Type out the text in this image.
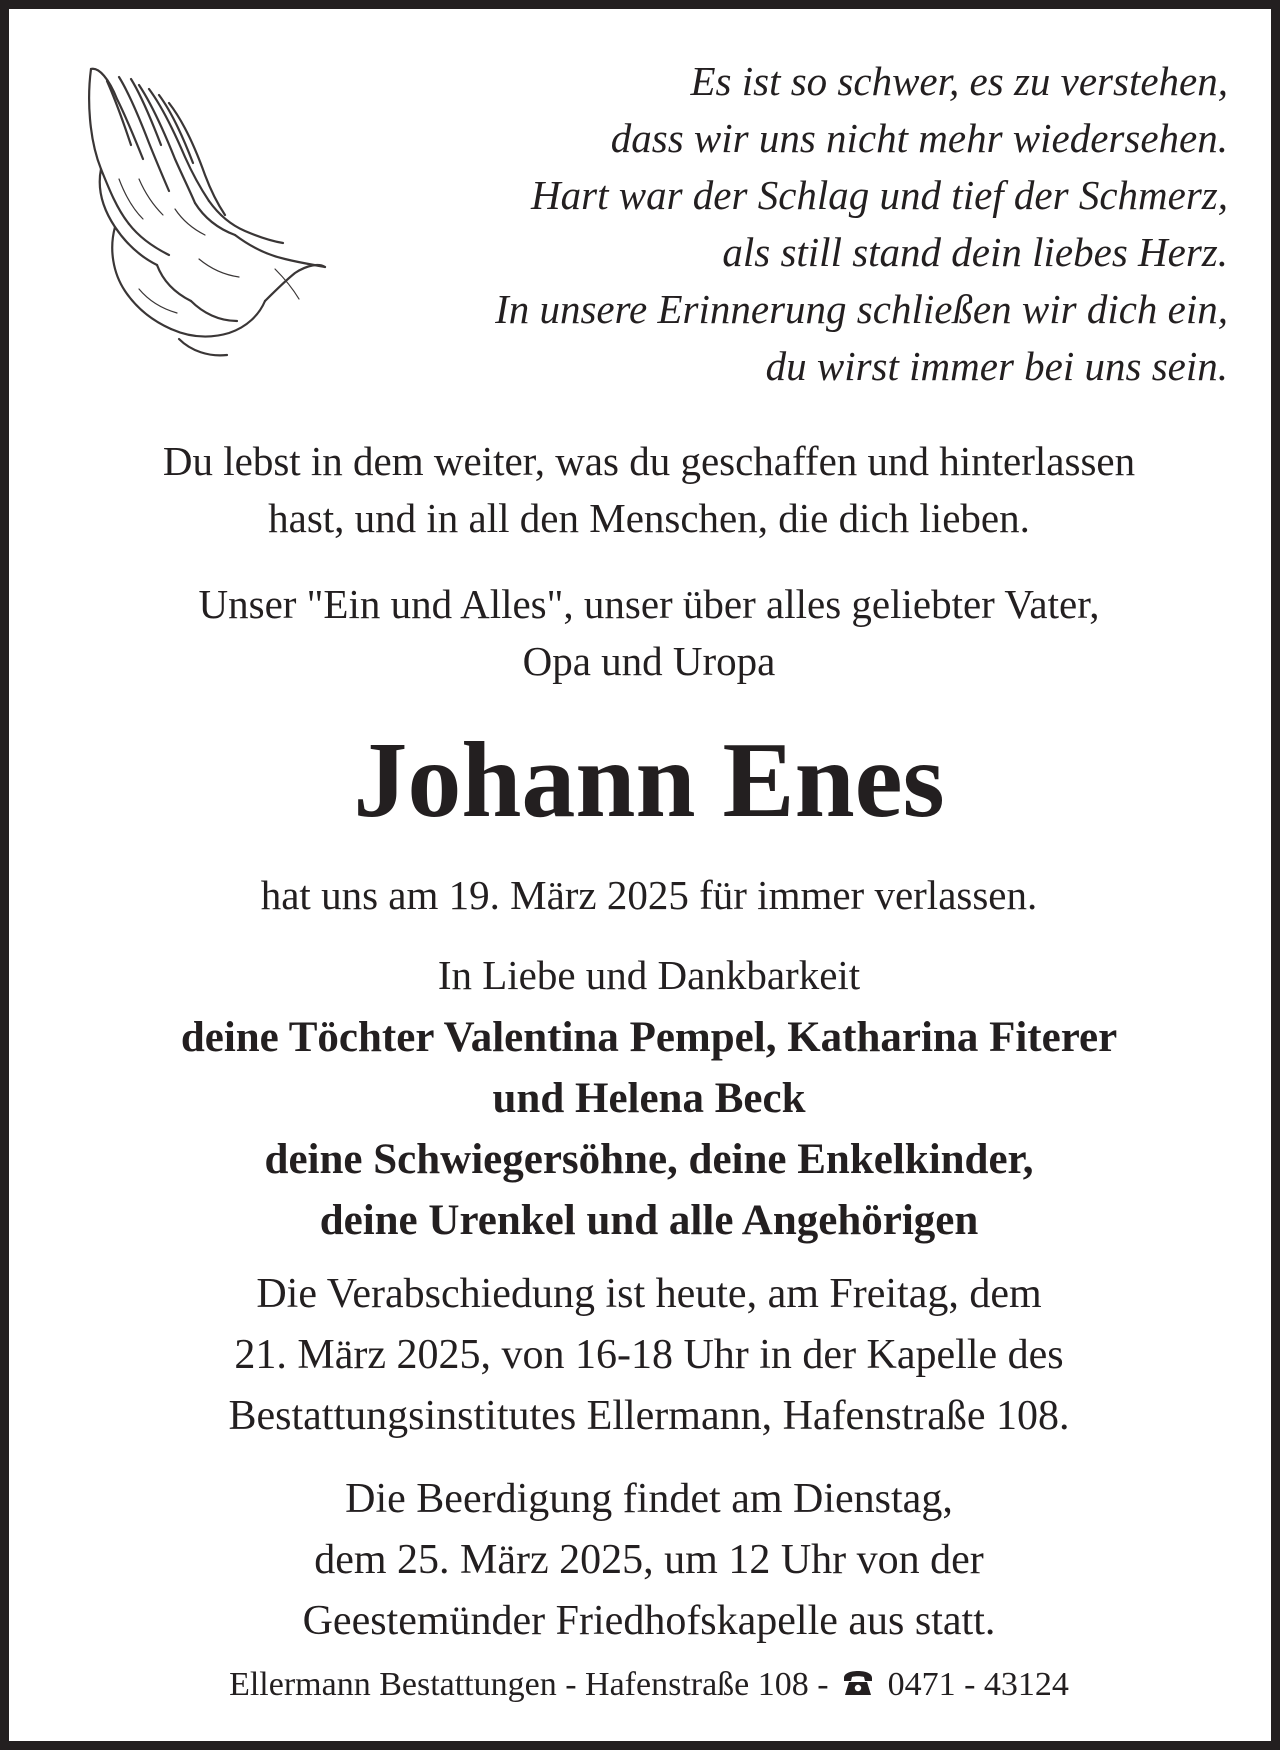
Es ist so schwer, es zu verstehen,
dass wir uns nicht mehr wiedersehen.
Hart war der Schlag und tief der Schmerz,
als still stand dein liebes Herz.
In unsere Erinnerung schließen wir dich ein,
du wirst immer bei uns sein.
Du lebst in dem weiter, was du geschaffen und hinterlassen
hast, und in all den Menschen, die dich lieben.
Unser "Ein und Alles", unser über alles geliebter Vater,
Opa und Uropa
Johann Enes
hat uns am 19. März 2025 für immer verlassen.
In Liebe und Dankbarkeit
deine Töchter Valentina Pempel, Katharina Fiterer
und Helena Beck
deine Schwiegersöhne, deine Enkelkinder,
deine Urenkel und alle Angehörigen
Die Verabschiedung ist heute, am Freitag, dem
21. März 2025, von 16-18 Uhr in der Kapelle des
Bestattungsinstitutes Ellermann, Hafenstraße 108.
Die Beerdigung findet am Dienstag,
dem 25. März 2025, um 12 Uhr von der
Geestemünder Friedhofskapelle aus statt.
Ellermann Bestattungen - Hafenstraße 108 - 0471 - 43124
